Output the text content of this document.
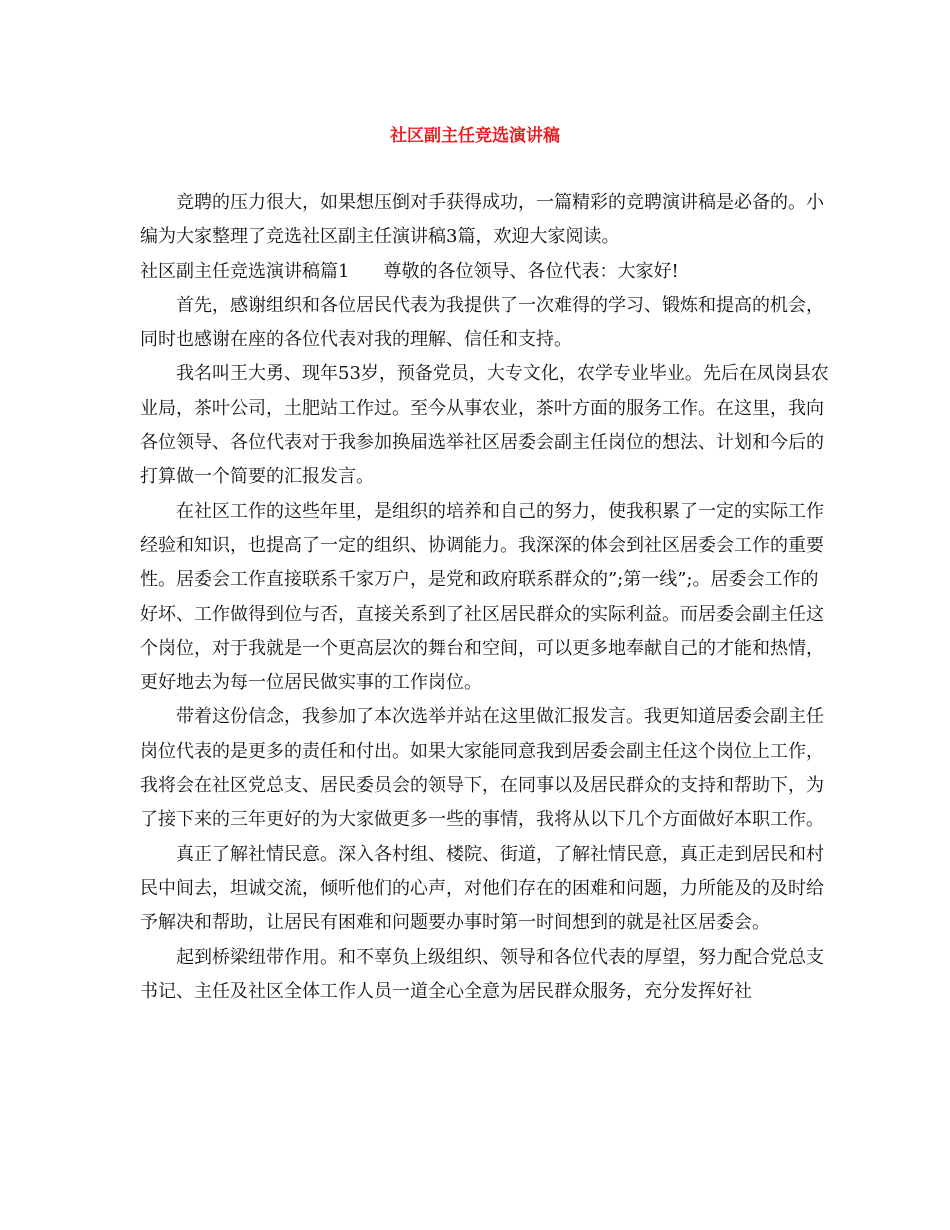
社区副主任竞选演讲稿

竞聘的压力很大，如果想压倒对手获得成功，一篇精彩的竞聘演讲稿是必备的。小编为大家整理了竞选社区副主任演讲稿3篇，欢迎大家阅读。

社区副主任竞选演讲稿篇1 尊敬的各位领导、各位代表：大家好!

首先，感谢组织和各位居民代表为我提供了一次难得的学习、锻炼和提高的机会，同时也感谢在座的各位代表对我的理解、信任和支持。

我名叫王大勇、现年53岁，预备党员，大专文化，农学专业毕业。先后在凤岗县农业局，茶叶公司，土肥站工作过。至今从事农业，茶叶方面的服务工作。在这里，我向各位领导、各位代表对于我参加换届选举社区居委会副主任岗位的想法、计划和今后的打算做一个简要的汇报发言。

在社区工作的这些年里，是组织的培养和自己的努力，使我积累了一定的实际工作经验和知识，也提高了一定的组织、协调能力。我深深的体会到社区居委会工作的重要性。居委会工作直接联系千家万户，是党和政府联系群众的”;第一线”;。居委会工作的好坏、工作做得到位与否，直接关系到了社区居民群众的实际利益。而居委会副主任这个岗位，对于我就是一个更高层次的舞台和空间，可以更多地奉献自己的才能和热情，更好地去为每一位居民做实事的工作岗位。

带着这份信念，我参加了本次选举并站在这里做汇报发言。我更知道居委会副主任岗位代表的是更多的责任和付出。如果大家能同意我到居委会副主任这个岗位上工作，我将会在社区党总支、居民委员会的领导下，在同事以及居民群众的支持和帮助下，为了接下来的三年更好的为大家做更多一些的事情，我将从以下几个方面做好本职工作。

真正了解社情民意。深入各村组、楼院、街道，了解社情民意，真正走到居民和村民中间去，坦诚交流，倾听他们的心声，对他们存在的困难和问题，力所能及的及时给予解决和帮助，让居民有困难和问题要办事时第一时间想到的就是社区居委会。

起到桥梁纽带作用。和不辜负上级组织、领导和各位代表的厚望，努力配合党总支书记、主任及社区全体工作人员一道全心全意为居民群众服务，充分发挥好社
